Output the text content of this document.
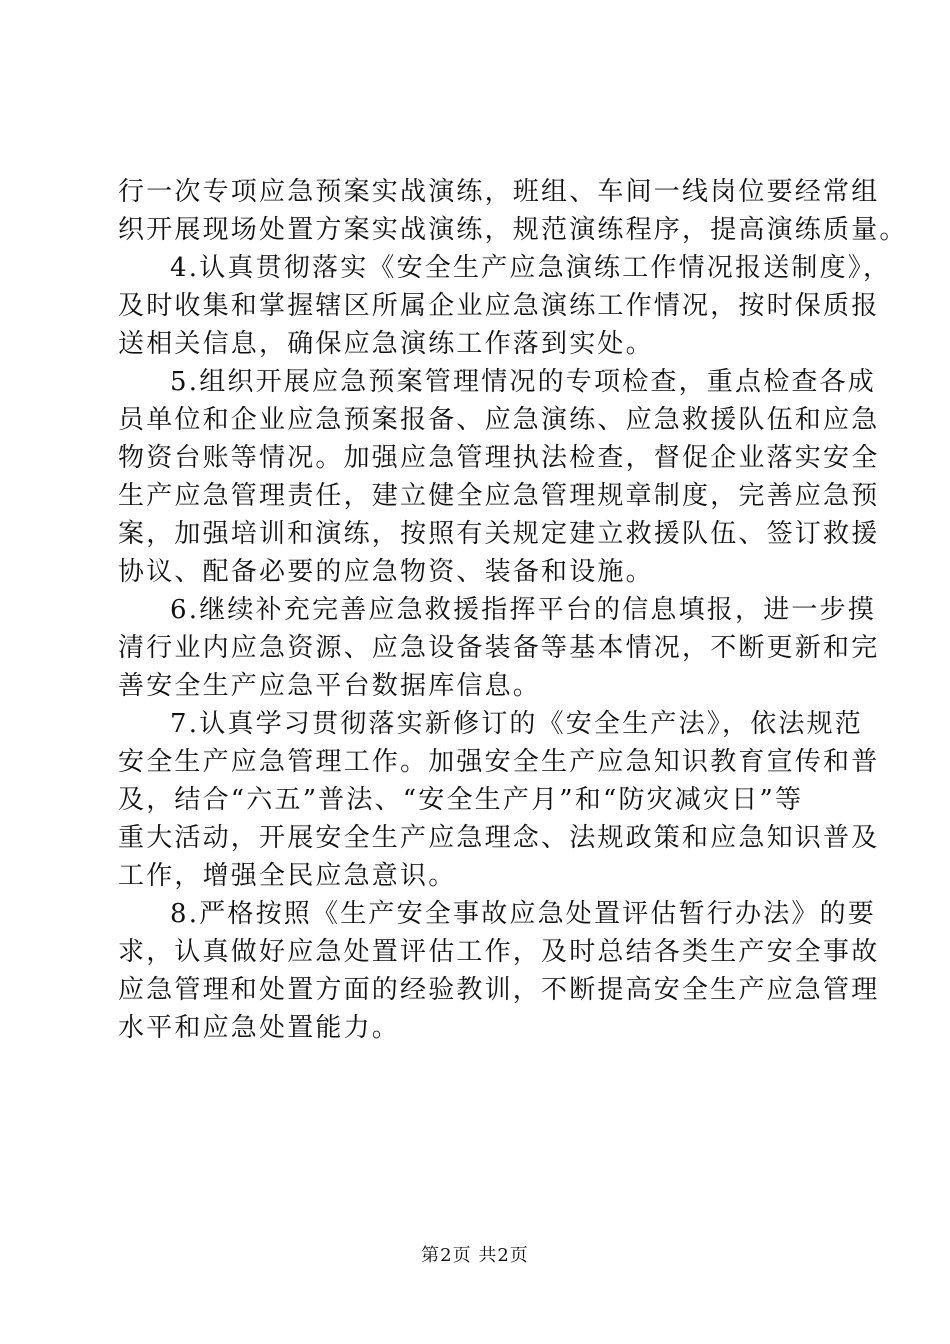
行一次专项应急预案实战演练，班组、车间一线岗位要经常组
织开展现场处置方案实战演练，规范演练程序，提高演练质量。
4.认真贯彻落实《安全生产应急演练工作情况报送制度》，
及时收集和掌握辖区所属企业应急演练工作情况，按时保质报
送相关信息，确保应急演练工作落到实处。
5.组织开展应急预案管理情况的专项检查，重点检查各成
员单位和企业应急预案报备、应急演练、应急救援队伍和应急
物资台账等情况。加强应急管理执法检查，督促企业落实安全
生产应急管理责任，建立健全应急管理规章制度，完善应急预
案，加强培训和演练，按照有关规定建立救援队伍、签订救援
协议、配备必要的应急物资、装备和设施。
6.继续补充完善应急救援指挥平台的信息填报，进一步摸
清行业内应急资源、应急设备装备等基本情况，不断更新和完
善安全生产应急平台数据库信息。
7.认真学习贯彻落实新修订的《安全生产法》，依法规范
安全生产应急管理工作。加强安全生产应急知识教育宣传和普
及，结合“六五”普法、“安全生产月”和“防灾减灾日”等
重大活动，开展安全生产应急理念、法规政策和应急知识普及
工作，增强全民应急意识。
8.严格按照《生产安全事故应急处置评估暂行办法》的要
求，认真做好应急处置评估工作，及时总结各类生产安全事故
应急管理和处置方面的经验教训，不断提高安全生产应急管理
水平和应急处置能力。
第2页 共2页
